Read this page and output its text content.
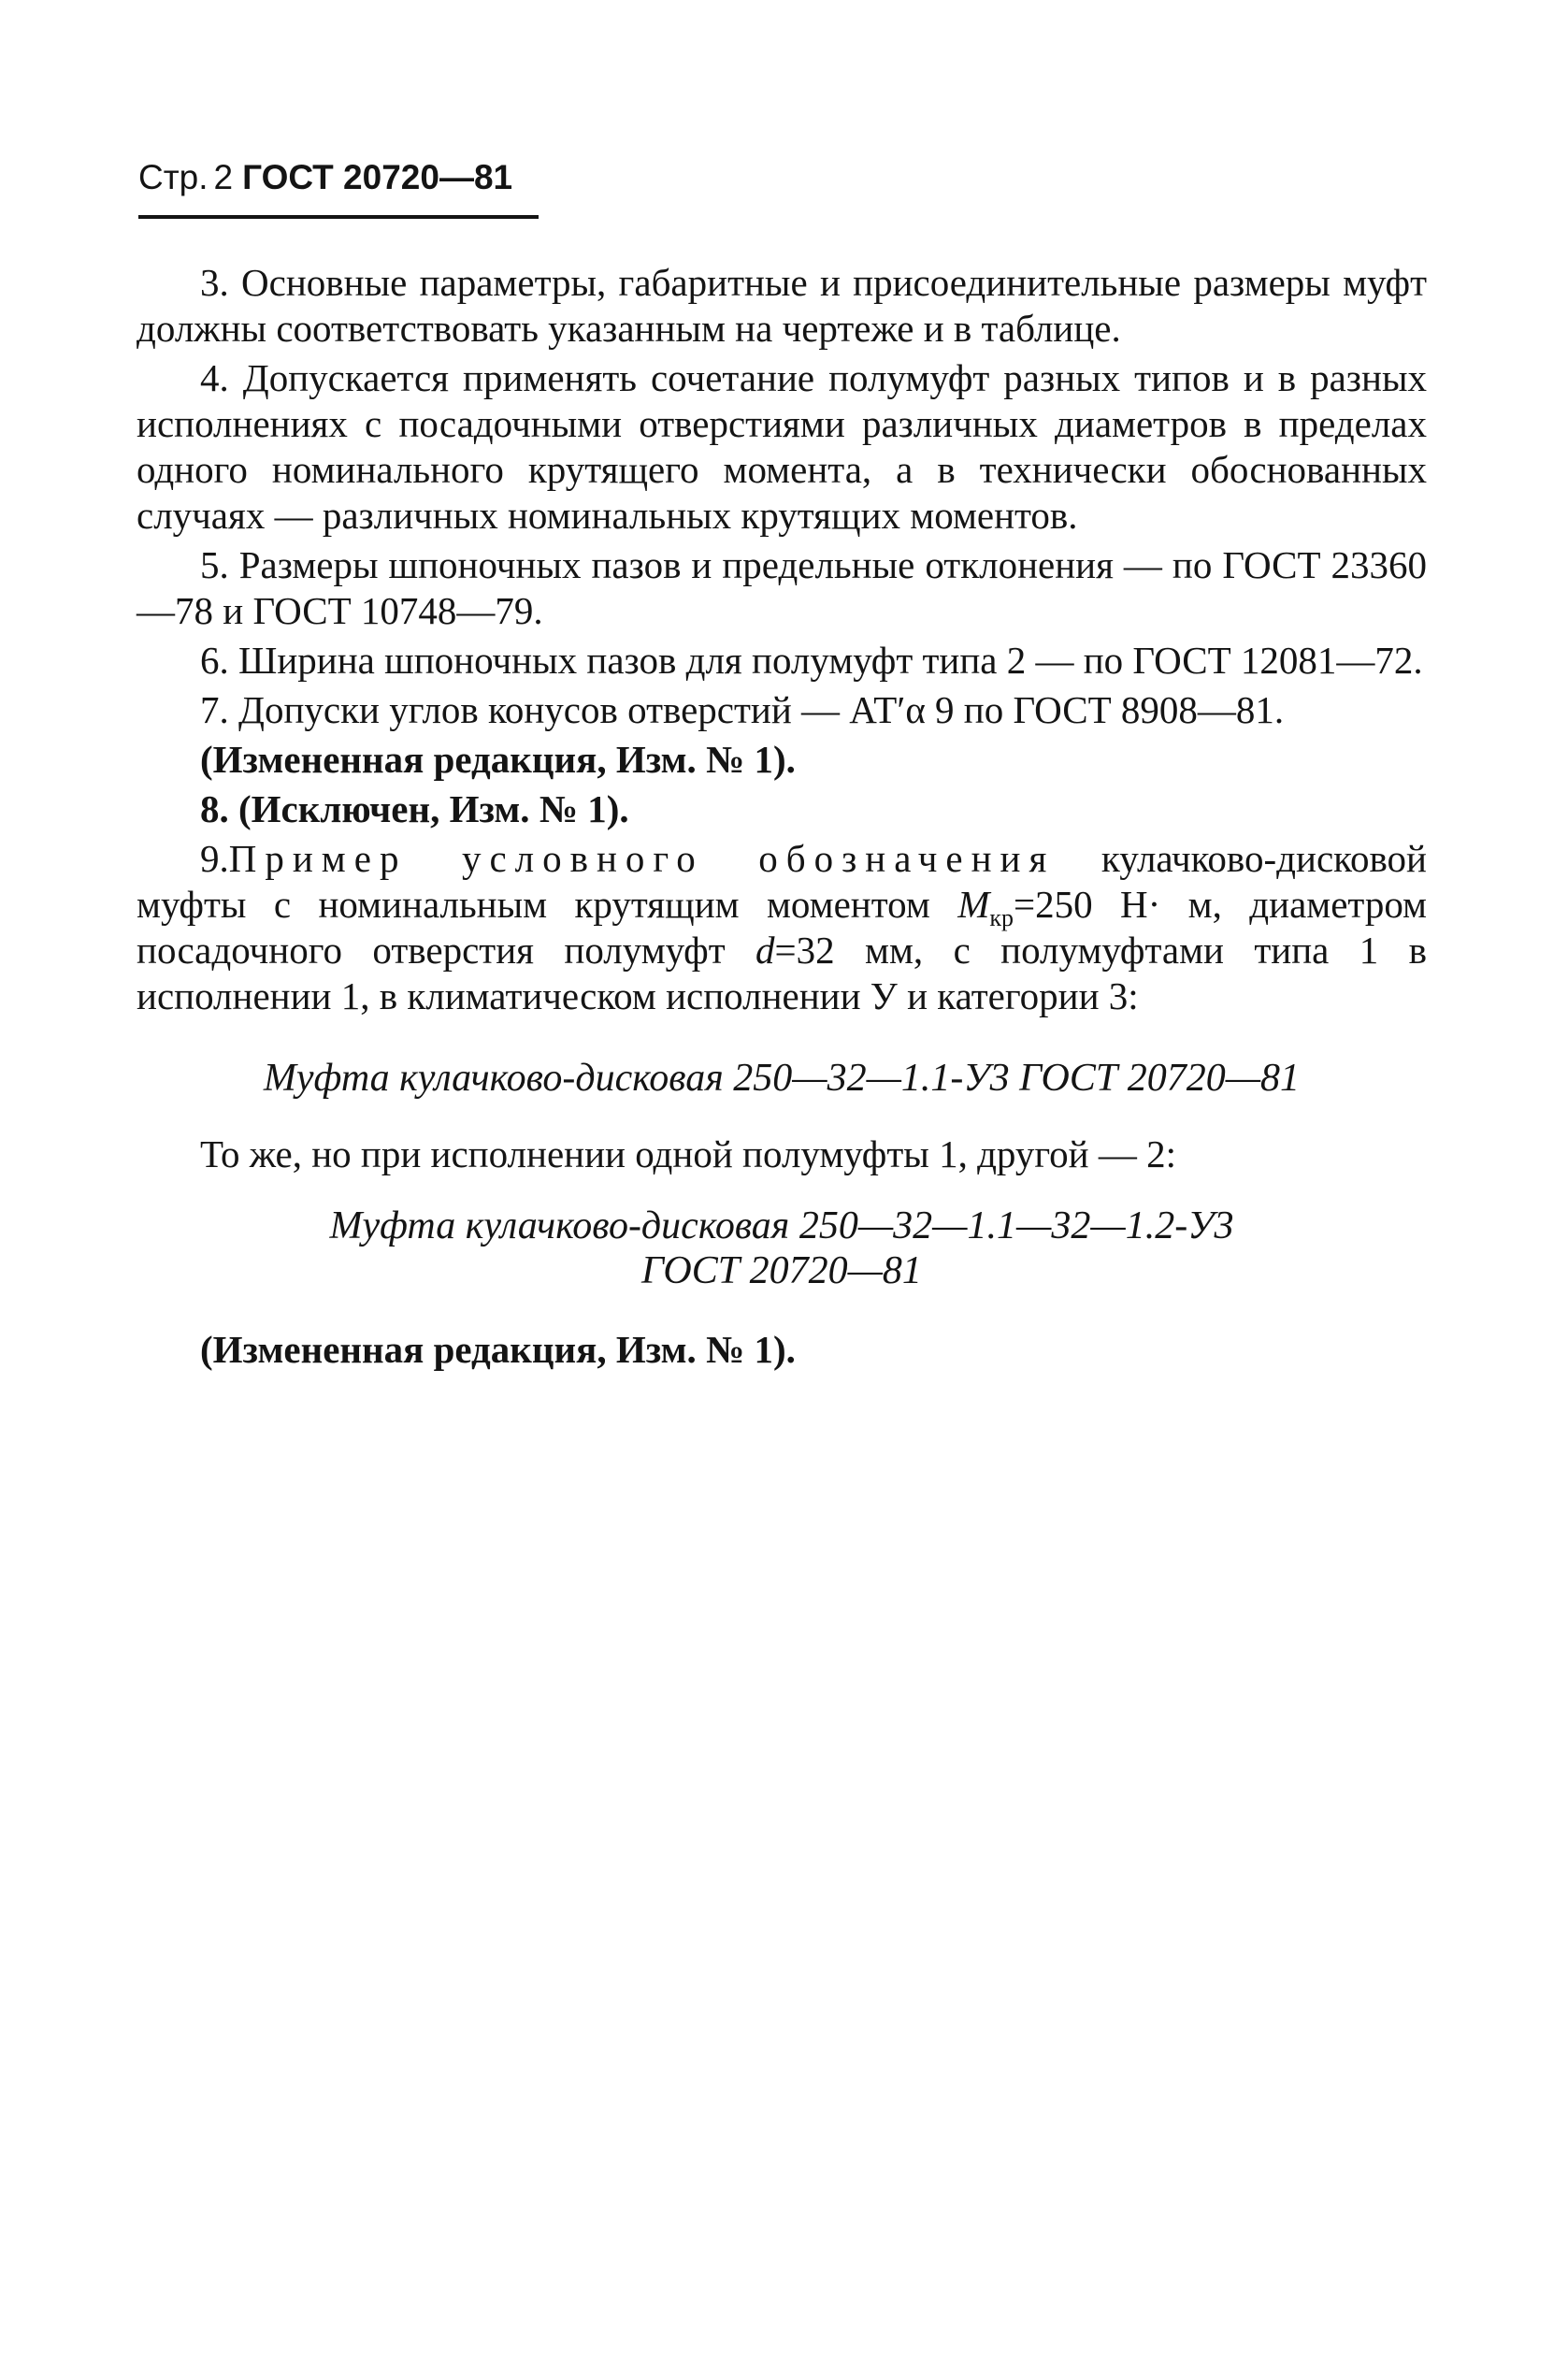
Стр. 2 ГОСТ 20720—81

3. Основные параметры, габаритные и присоединительные размеры муфт должны соответствовать указанным на чертеже и в таблице.

4. Допускается применять сочетание полумуфт разных типов и в разных исполнениях с посадочными отверстиями различных диаметров в пределах одного номинального крутящего момента, а в технически обоснованных случаях — различных номинальных крутящих моментов.

5. Размеры шпоночных пазов и предельные отклонения — по ГОСТ 23360—78 и ГОСТ 10748—79.

6. Ширина шпоночных пазов для полумуфт типа 2 — по ГОСТ 12081—72.

7. Допуски углов конусов отверстий — АТ′α 9 по ГОСТ 8908—81.

(Измененная редакция, Изм. № 1).

8. (Исключен, Изм. № 1).

9.Пример условного обозначения кулачково-дисковой муфты с номинальным крутящим моментом $M_{кр}=250$ Н· м, диаметром посадочного отверстия полумуфт d=32 мм, с полумуфтами типа 1 в исполнении 1, в климатическом исполнении У и категории 3:

Муфта кулачково-дисковая 250—32—1.1-У3 ГОСТ 20720—81

То же, но при исполнении одной полумуфты 1, другой — 2:

Муфта кулачково-дисковая 250—32—1.1—32—1.2-У3
ГОСТ 20720—81

(Измененная редакция, Изм. № 1).
